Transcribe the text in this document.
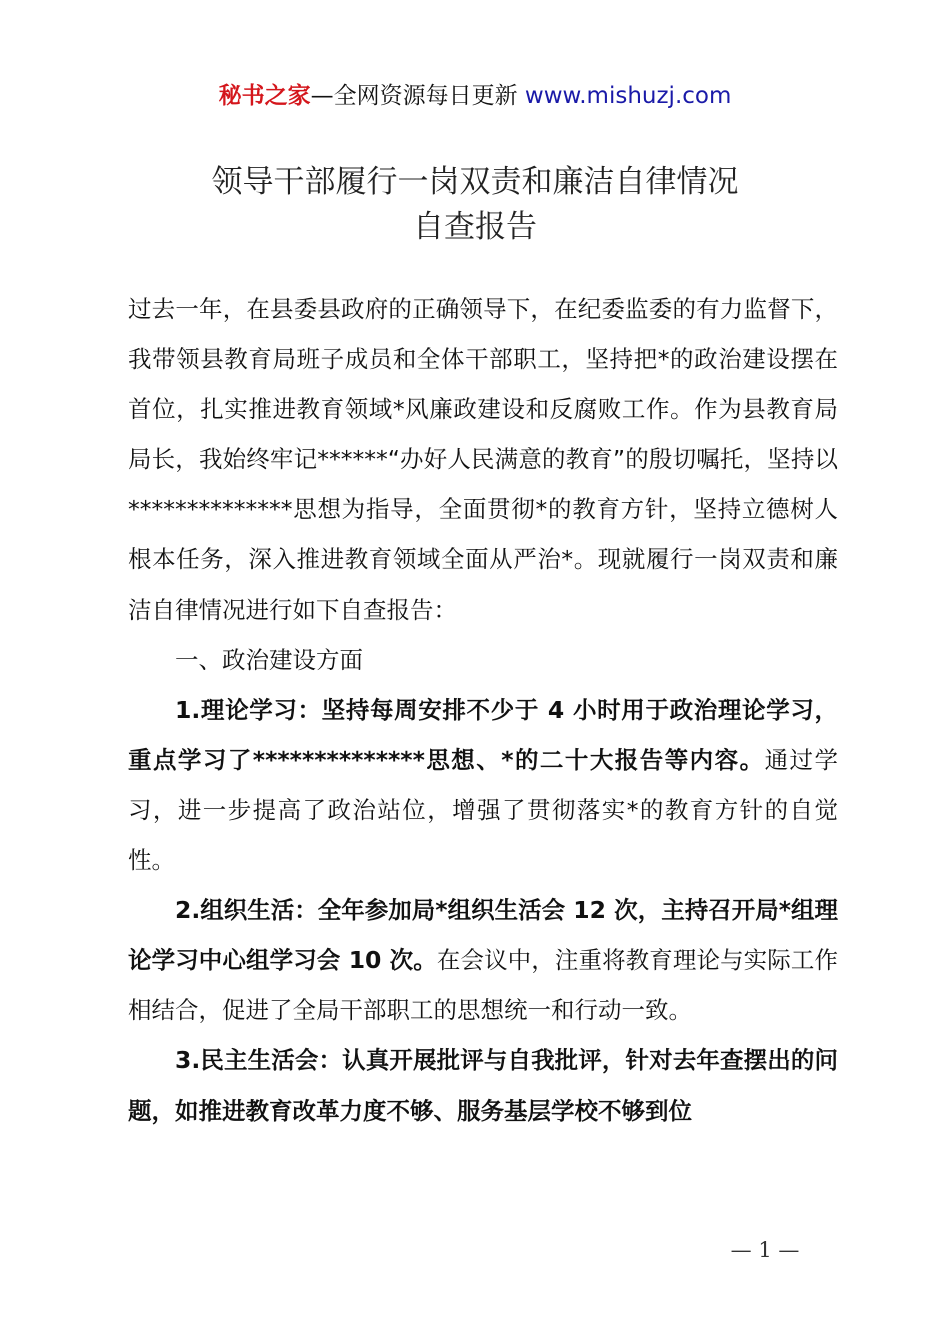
秘书之家—全网资源每日更新 www.mishuzj.com
领导干部履行一岗双责和廉洁自律情况
自查报告

过去一年，在县委县政府的正确领导下，在纪委监委的有力监督下，我带领县教育局班子成员和全体干部职工，坚持把*的政治建设摆在首位，扎实推进教育领域*风廉政建设和反腐败工作。作为县教育局局长，我始终牢记******“办好人民满意的教育”的殷切嘱托，坚持以**************思想为指导，全面贯彻*的教育方针，坚持立德树人根本任务，深入推进教育领域全面从严治*。现就履行一岗双责和廉洁自律情况进行如下自查报告：

一、政治建设方面

1.理论学习：坚持每周安排不少于 4 小时用于政治理论学习，重点学习了**************思想、*的二十大报告等内容。通过学习，进一步提高了政治站位，增强了贯彻落实*的教育方针的自觉性。

2.组织生活：全年参加局*组织生活会 12 次，主持召开局*组理论学习中心组学习会 10 次。在会议中，注重将教育理论与实际工作相结合，促进了全局干部职工的思想统一和行动一致。

3.民主生活会：认真开展批评与自我批评，针对去年查摆出的问题，如推进教育改革力度不够、服务基层学校不够到位

— 1 —
